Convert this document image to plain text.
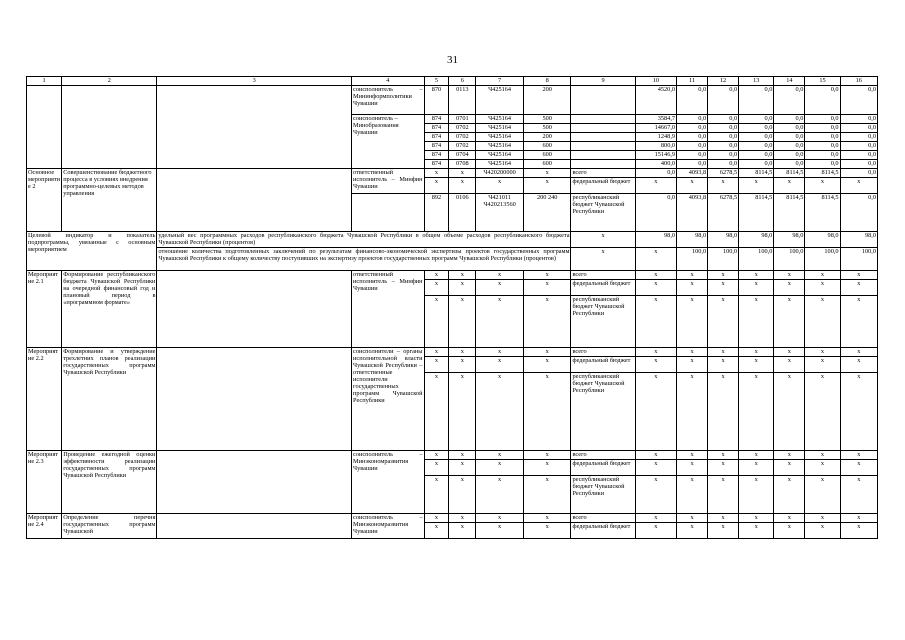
31
1	2	3	4	5	6	7	8	9	10	11	12	13	14	15	16
			соисполнитель – Мининформполитики Чувашии	870	0113	Ч425164	200		4520,0	0,0	0,0	0,0	0,0	0,0	0,0
			соисполнитель – Минобразования Чувашии	874	0701	Ч425164	500		3584,7	0,0	0,0	0,0	0,0	0,0	0,0
				874	0702	Ч425164	500		14667,0	0,0	0,0	0,0	0,0	0,0	0,0
				874	0702	Ч425164	200		1248,9	0,0	0,0	0,0	0,0	0,0	0,0
				874	0702	Ч425164	600		800,0	0,0	0,0	0,0	0,0	0,0	0,0
				874	0704	Ч425164	600		15146,9	0,0	0,0	0,0	0,0	0,0	0,0
				874	0708	Ч425164	600		400,0	0,0	0,0	0,0	0,0	0,0	0,0
Основное мероприятие 2	Совершенствование бюджетного процесса в условиях внедрения программно-целевых методов управления		ответственный исполнитель – Минфин Чувашии	x	x	Ч420200000	x	всего	0,0	4093,8	6278,5	8114,5	8114,5	8114,5	0,0
				x	x	x	x	федеральный бюджет	x	x	x	x	x	x	x
				892	0106	Ч421011 Ч420213560	200 240	республиканский бюджет Чувашской Республики	0,0	4093,8	6278,5	8114,5	8114,5	8114,5	0,0
Целевой индикатор и показатель подпрограммы, увязанные с основным мероприятием		удельный вес программных расходов республиканского бюджета Чувашской Республики в общем объеме расходов республиканского бюджета Чувашской Республики (процентов)						x	98,0	98,0	98,0	98,0	98,0	98,0	98,0
		отношение количества подготовленных заключений по результатам финансово-экономической экспертизы проектов государственных программ Чувашской Республики к общему количеству поступивших на экспертизу проектов государственных программ Чувашской Республики (процентов)						x	x	100,0	100,0	100,0	100,0	100,0	100,0
Мероприятие 2.1	Формирование республиканского бюджета Чувашской Республики на очередной финансовый год и плановый период в «программном формате»		ответственный исполнитель – Минфин Чувашии	x	x	x	x	всего	x	x	x	x	x	x	x
				x	x	x	x	федеральный бюджет	x	x	x	x	x	x	x
				x	x	x	x	республиканский бюджет Чувашской Республики	x	x	x	x	x	x	x
Мероприятие 2.2	Формирование и утверждение трехлетних планов реализации государственных программ Чувашской Республики		соисполнители – органы исполнительной власти Чувашской Республики – ответственные исполнители государственных программ Чувашской Республики	x	x	x	x	всего	x	x	x	x	x	x	x
				x	x	x	x	федеральный бюджет	x	x	x	x	x	x	x
				x	x	x	x	республиканский бюджет Чувашской Республики	x	x	x	x	x	x	x
Мероприятие 2.3	Проведение ежегодной оценки эффективности реализации государственных программ Чувашской Республики		соисполнитель – Минэкономразвития Чувашии	x	x	x	x	всего	x	x	x	x	x	x	x
				x	x	x	x	федеральный бюджет	x	x	x	x	x	x	x
				x	x	x	x	республиканский бюджет Чувашской Республики	x	x	x	x	x	x	x
Мероприятие 2.4	Определение перечня государственных программ Чувашской		соисполнитель – Минэкономразвития Чувашии	x	x	x	x	всего	x	x	x	x	x	x	x
				x	x	x	x	федеральный бюджет	x	x	x	x	x	x	x
